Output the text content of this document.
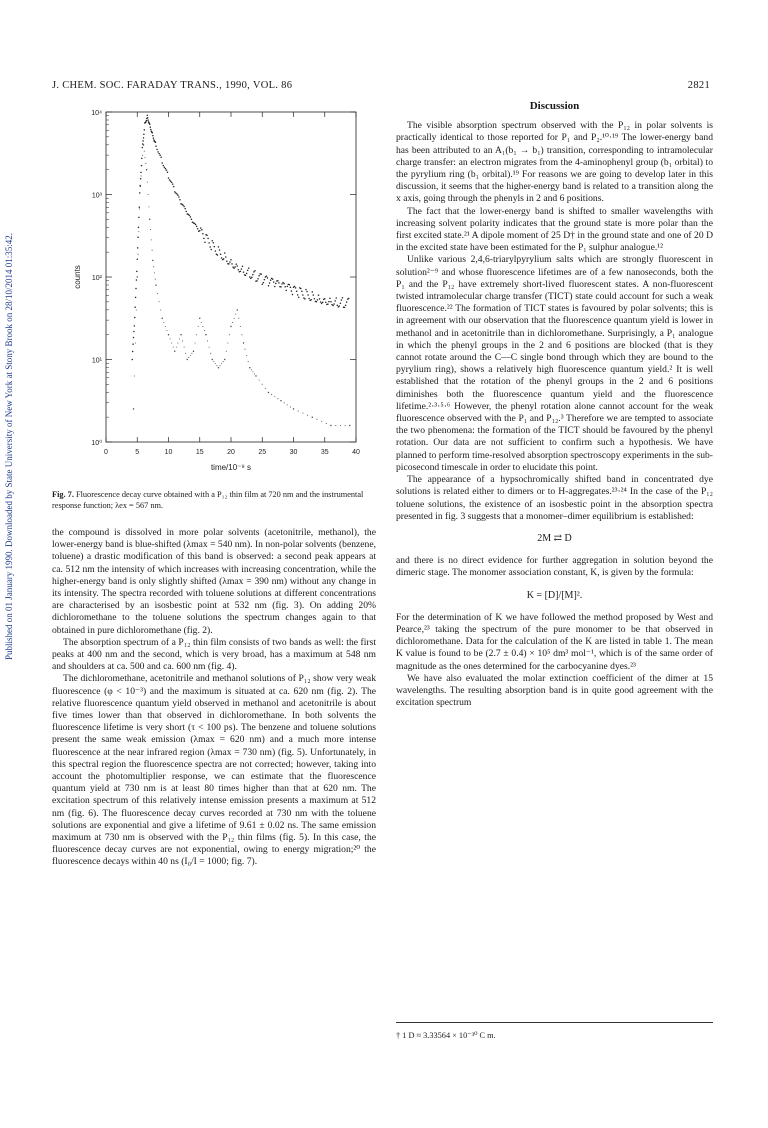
J. CHEM. SOC. FARADAY TRANS., 1990, VOL. 86	2821
Published on 01 January 1990. Downloaded by State University of New York at Stony Brook on 28/10/2014 01:35:42.	0	5	10	15	20	25	30	35	40
10⁰
10¹
10²
10³
10⁴
time/10⁻⁹ s
counts
Fig. 7. Fluorescence decay curve obtained with a P₁₂ thin film at 720 nm and the instrumental response function; λex = 567 nm.

the compound is dissolved in more polar solvents (acetonitrile, methanol), the lower-energy band is blue-shifted (λmax = 540 nm). In non-polar solvents (benzene, toluene) a drastic modification of this band is observed: a second peak appears at ca. 512 nm the intensity of which increases with increasing concentration, while the higher-energy band is only slightly shifted (λmax = 390 nm) without any change in its intensity. The spectra recorded with toluene solutions at different concentrations are characterised by an isosbestic point at 532 nm (fig. 3). On adding 20% dichloromethane to the toluene solutions the spectrum changes again to that obtained in pure dichloromethane (fig. 2).

The absorption spectrum of a P₁₂ thin film consists of two bands as well: the first peaks at 400 nm and the second, which is very broad, has a maximum at 548 nm and shoulders at ca. 500 and ca. 600 nm (fig. 4).

The dichloromethane, acetonitrile and methanol solutions of P₁₂ show very weak fluorescence (φ < 10⁻³) and the maximum is situated at ca. 620 nm (fig. 2). The relative fluorescence quantum yield observed in methanol and acetonitrile is about five times lower than that observed in dichloromethane. In both solvents the fluorescence lifetime is very short (τ < 100 ps). The benzene and toluene solutions present the same weak emission (λmax = 620 nm) and a much more intense fluorescence at the near infrared region (λmax = 730 nm) (fig. 5). Unfortunately, in this spectral region the fluorescence spectra are not corrected; however, taking into account the photomultiplier response, we can estimate that the fluorescence quantum yield at 730 nm is at least 80 times higher than that at 620 nm. The excitation spectrum of this relatively intense emission presents a maximum at 512 nm (fig. 6). The fluorescence decay curves recorded at 730 nm with the toluene solutions are exponential and give a lifetime of 9.61 ± 0.02 ns. The same emission maximum at 730 nm is observed with the P₁₂ thin films (fig. 5). In this case, the fluorescence decay curves are not exponential, owing to energy migration;²⁰ the fluorescence decays within 40 ns (I₀/I = 1000; fig. 7).

Discussion

The visible absorption spectrum observed with the P₁₂ in polar solvents is practically identical to those reported for P₁ and P₂.¹⁰·¹⁹ The lower-energy band has been attributed to an A₁(b₁ → b₁) transition, corresponding to intramolecular charge transfer: an electron migrates from the 4-aminophenyl group (b₁ orbital) to the pyrylium ring (b₁ orbital).¹⁹ For reasons we are going to develop later in this discussion, it seems that the higher-energy band is related to a transition along the x axis, going through the phenyls in 2 and 6 positions.

The fact that the lower-energy band is shifted to smaller wavelengths with increasing solvent polarity indicates that the ground state is more polar than the first excited state.²¹ A dipole moment of 25 D† in the ground state and one of 20 D in the excited state have been estimated for the P₁ sulphur analogue.¹²

Unlike various 2,4,6-triarylpyrylium salts which are strongly fluorescent in solution²⁻⁹ and whose fluorescence lifetimes are of a few nanoseconds, both the P₁ and the P₁₂ have extremely short-lived fluorescent states. A non-fluorescent twisted intramolecular charge transfer (TICT) state could account for such a weak fluorescence.²² The formation of TICT states is favoured by polar solvents; this is in agreement with our observation that the fluorescence quantum yield is lower in methanol and in acetonitrile than in dichloromethane. Surprisingly, a P₁ analogue in which the phenyl groups in the 2 and 6 positions are blocked (that is they cannot rotate around the C—C single bond through which they are bound to the pyrylium ring), shows a relatively high fluorescence quantum yield.² It is well established that the rotation of the phenyl groups in the 2 and 6 positions diminishes both the fluorescence quantum yield and the fluorescence lifetime.²·³·⁵·⁶ However, the phenyl rotation alone cannot account for the weak fluorescence observed with the P₁ and P₁₂.³ Therefore we are tempted to associate the two phenomena: the formation of the TICT should be favoured by the phenyl rotation. Our data are not sufficient to confirm such a hypothesis. We have planned to perform time-resolved absorption spectroscopy experiments in the sub-picosecond timescale in order to elucidate this point.

The appearance of a hypsochromically shifted band in concentrated dye solutions is related either to dimers or to H-aggregates.²³·²⁴ In the case of the P₁₂ toluene solutions, the existence of an isosbestic point in the absorption spectra presented in fig. 3 suggests that a monomer–dimer equilibrium is established:

2M ⇄ D

and there is no direct evidence for further aggregation in solution beyond the dimeric stage. The monomer association constant, K, is given by the formula:

K = [D]/[M]².

For the determination of K we have followed the method proposed by West and Pearce,²³ taking the spectrum of the pure monomer to be that observed in dichloromethane. Data for the calculation of the K are listed in table 1. The mean K value is found to be (2.7 ± 0.4) × 10⁵ dm³ mol⁻¹, which is of the same order of magnitude as the ones determined for the carbocyanine dyes.²³

We have also evaluated the molar extinction coefficient of the dimer at 15 wavelengths. The resulting absorption band is in quite good agreement with the excitation spectrum

† 1 D ≈ 3.33564 × 10⁻³⁰ C m.
